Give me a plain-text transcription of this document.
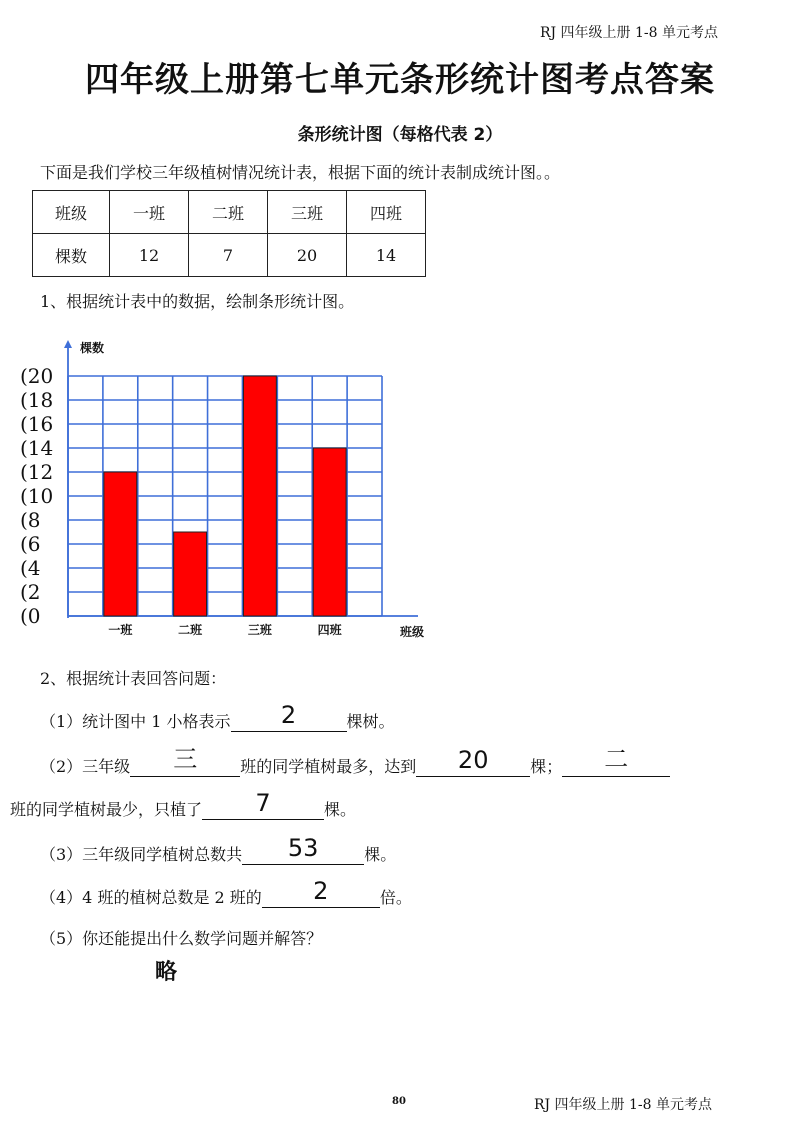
RJ 四年级上册 1-8 单元考点
四年级上册第七单元条形统计图考点答案
条形统计图（每格代表 2）
下面是我们学校三年级植树情况统计表，根据下面的统计表制成统计图。。
班级	一班	二班	三班	四班
棵数	12	7	20	14
1、根据统计表中的数据，绘制条形统计图。
(0
(2
(4
(6
(8
(10
(12
(14
(16
(18
(20
一班	二班	三班	四班
棵数
班级
2、根据统计表回答问题：
（1）统计图中 1 小格表示	2	棵树。
（2）三年级	三	班的同学植树最多，达到	20	棵；	二

班的同学植树最少，只植了	7	棵。
（3）三年级同学植树总数共	53	棵。
（4）4 班的植树总数是 2 班的	2	倍。
（5）你还能提出什么数学问题并解答？
略
80	RJ 四年级上册 1-8 单元考点
